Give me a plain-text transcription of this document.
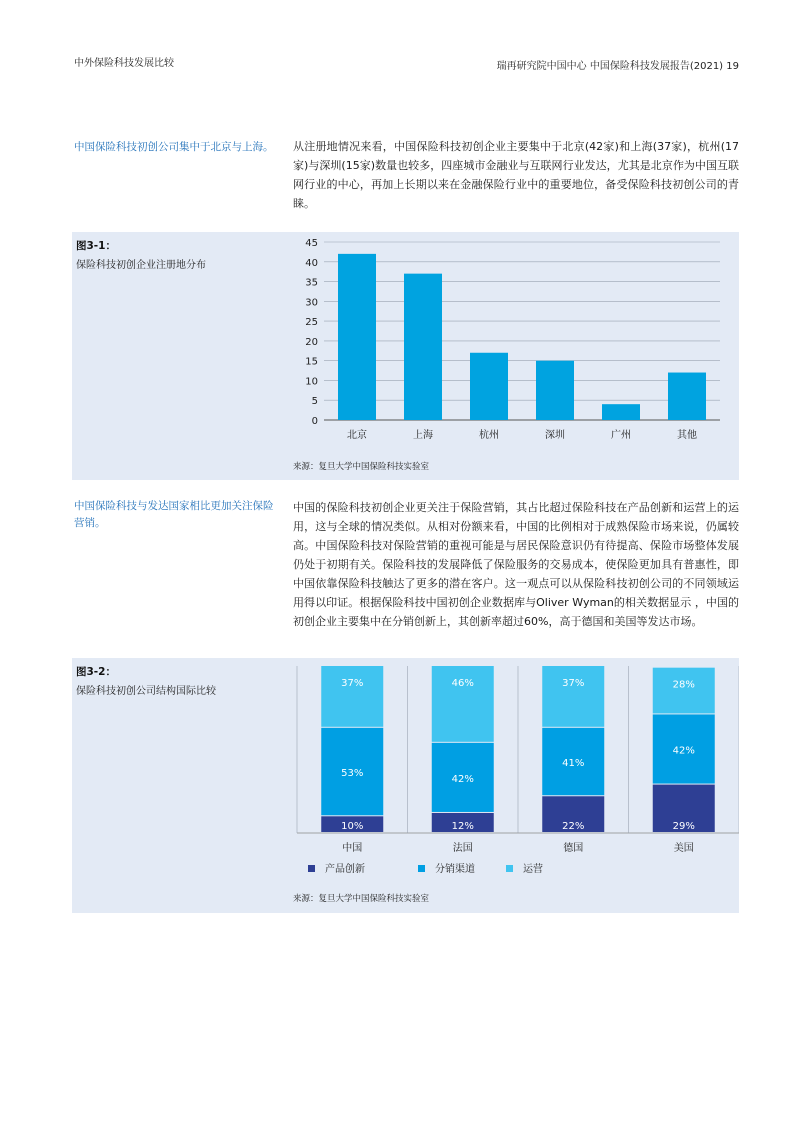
中外保险科技发展比较	瑞再研究院中国中心 中国保险科技发展报告(2021) 19
中国保险科技初创公司集中于北京与上海。 从注册地情况来看，中国保险科技初创企业主要集中于北京(42家)和上海(37家)，杭州(17家)与深圳(15家)数量也较多，四座城市金融业与互联网行业发达，尤其是北京作为中国互联网行业的中心，再加上长期以来在金融保险行业中的重要地位，备受保险科技初创公司的青睐。
图3-1：
保险科技初创企业注册地分布
0
5
10
15
20
25
30
35
40
45
北京	上海	杭州	深圳	广州	其他
来源：复旦大学中国保险科技实验室
中国保险科技与发达国家相比更加关注保险营销。
中国的保险科技初创企业更关注于保险营销，其占比超过保险科技在产品创新和运营上的运用，这与全球的情况类似。从相对份额来看，中国的比例相对于成熟保险市场来说，仍属较高。中国保险科技对保险营销的重视可能是与居民保险意识仍有待提高、保险市场整体发展仍处于初期有关。保险科技的发展降低了保险服务的交易成本，使保险更加具有普惠性，即中国依靠保险科技触达了更多的潜在客户。这一观点可以从保险科技初创公司的不同领域运用得以印证。根据保险科技中国初创企业数据库与Oliver Wyman的相关数据显示 ，中国的初创企业主要集中在分销创新上，其创新率超过60%，高于德国和美国等发达市场。
图3-2：
保险科技初创公司结构国际比较
10%
53%
37%
中国
12%
42%
46%
法国
22%
41%
37%
德国
29%
42%
28%
美国
产品创新	分销渠道	运营
来源：复旦大学中国保险科技实验室
